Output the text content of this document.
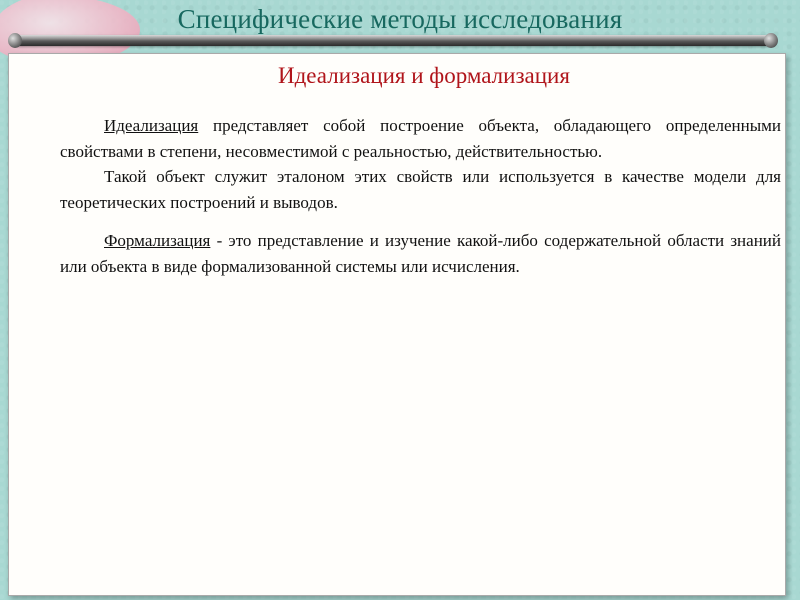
Специфические методы исследования
Идеализация и формализация

Идеализация представляет собой построение объекта, обладающего определенными свойствами в степени, несовместимой с реальностью, действительностью.

Такой объект служит эталоном этих свойств или используется в качестве модели для теоретических построений и выводов.

Формализация - это представление и изучение какой-либо содержательной области знаний или объекта в виде формализованной системы или исчисления.
